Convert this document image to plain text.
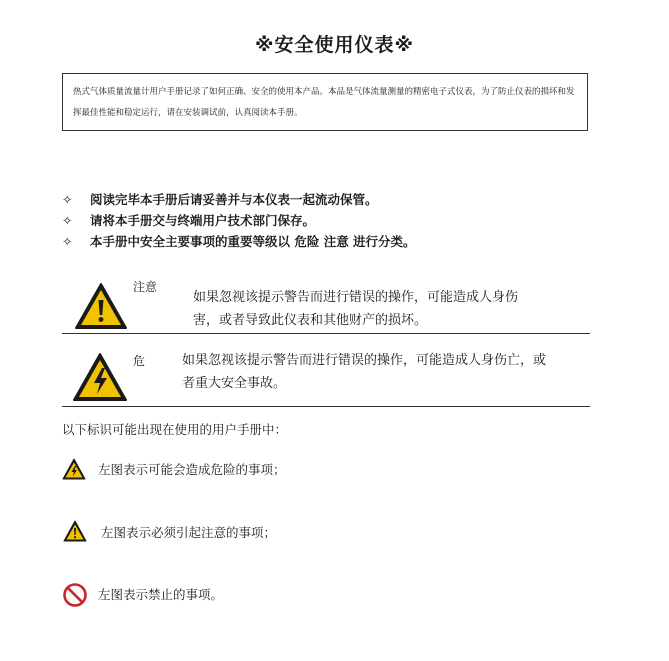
※安全使用仪表※
热式气体质量流量计用户手册记录了如何正确、安全的使用本产品。本品是气体流量测量的精密电子式仪表，为了防止仪表的损坏和发挥最佳性能和稳定运行，请在安装调试前，认真阅读本手册。
✧ 阅读完毕本手册后请妥善并与本仪表一起流动保管。
✧ 请将本手册交与终端用户技术部门保存。
✧ 本手册中安全主要事项的重要等级以 危险 注意 进行分类。
注意
如果忽视该提示警告而进行错误的操作，可能造成人身伤
害，或者导致此仪表和其他财产的损坏。
危	如果忽视该提示警告而进行错误的操作，可能造成人身伤亡，或
者重大安全事故。
以下标识可能出现在使用的用户手册中：
左图表示可能会造成危险的事项；
左图表示必须引起注意的事项；
左图表示禁止的事项。
